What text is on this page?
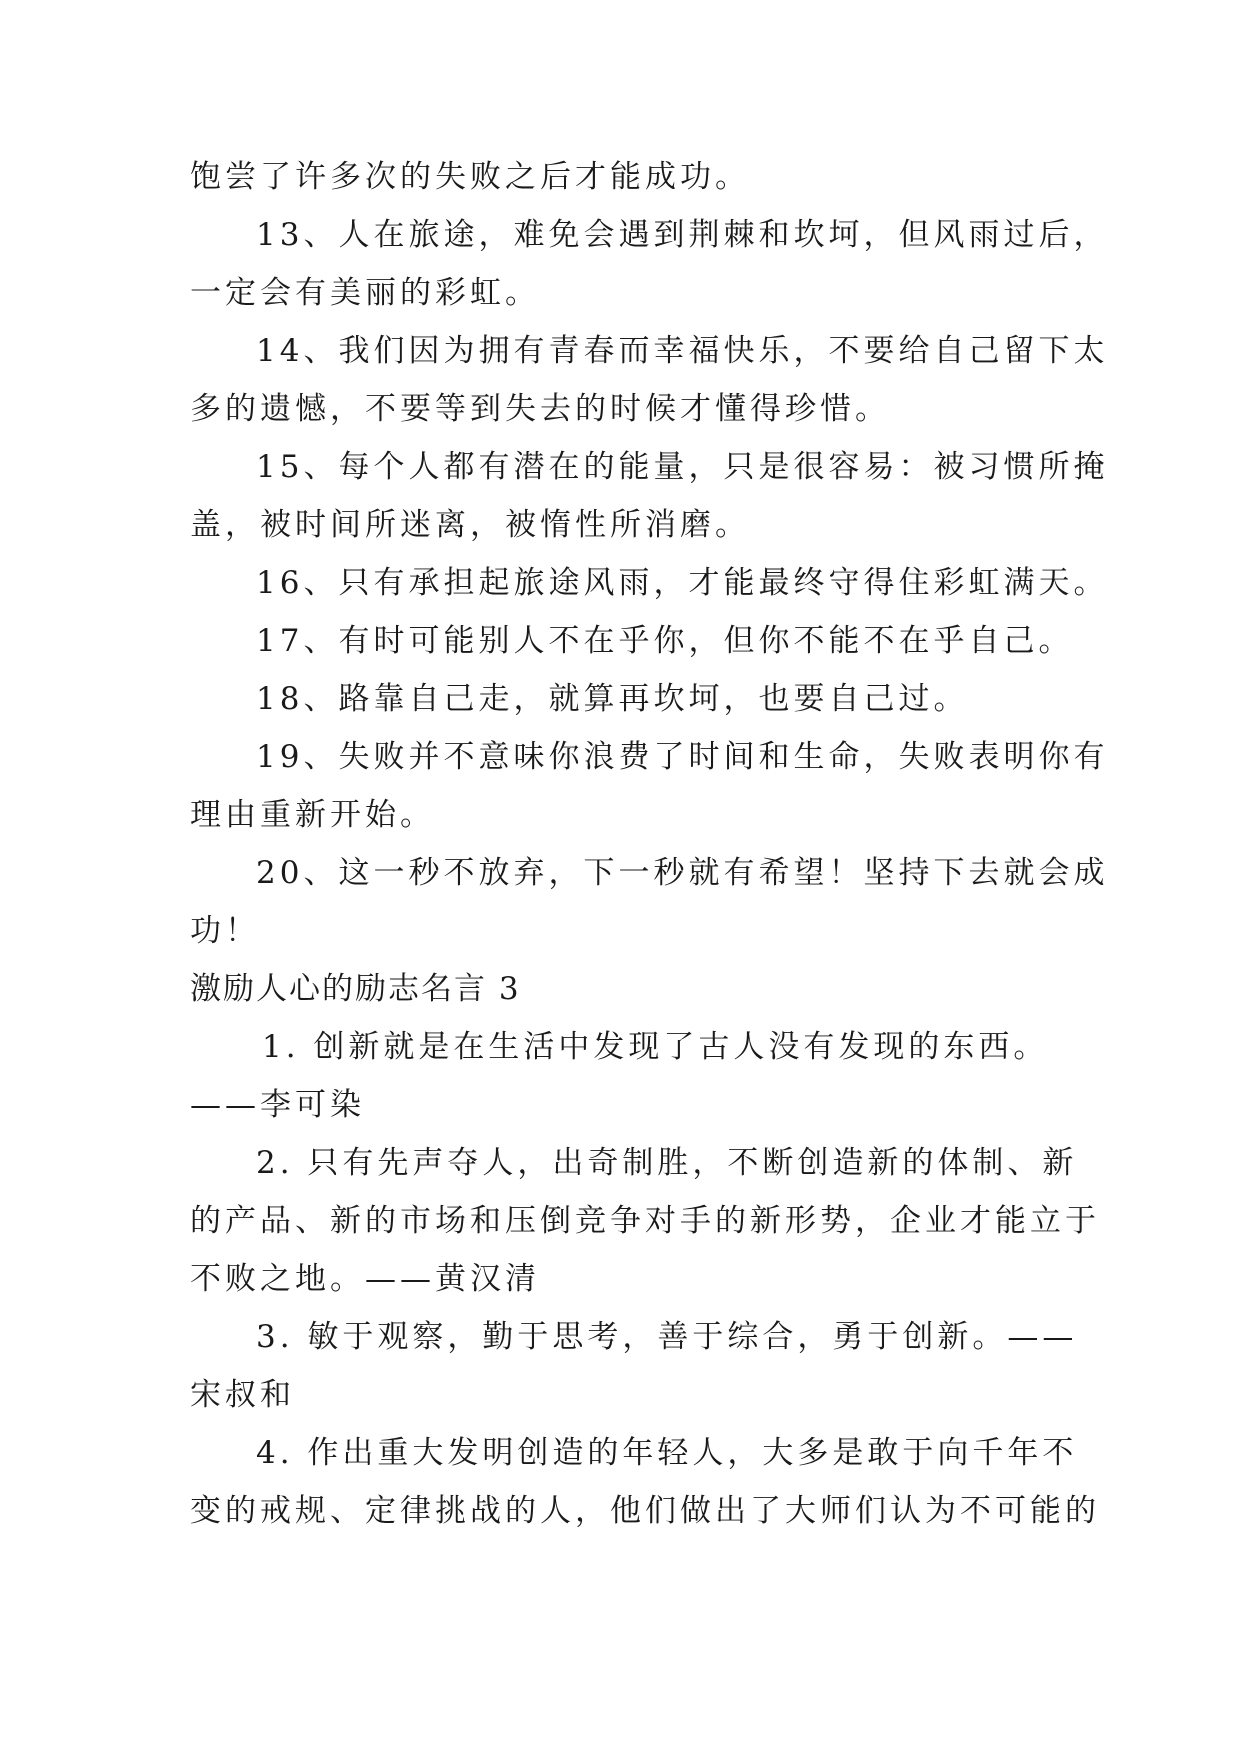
饱尝了许多次的失败之后才能成功。
13、人在旅途，难免会遇到荆棘和坎坷，但风雨过后，
一定会有美丽的彩虹。
14、我们因为拥有青春而幸福快乐，不要给自己留下太
多的遗憾，不要等到失去的时候才懂得珍惜。
15、每个人都有潜在的能量，只是很容易：被习惯所掩
盖，被时间所迷离，被惰性所消磨。
16、只有承担起旅途风雨，才能最终守得住彩虹满天。
17、有时可能别人不在乎你，但你不能不在乎自己。
18、路靠自己走，就算再坎坷，也要自己过。
19、失败并不意味你浪费了时间和生命，失败表明你有
理由重新开始。
20、这一秒不放弃，下一秒就有希望！坚持下去就会成
功！
激励人心的励志名言 3
1. 创新就是在生活中发现了古人没有发现的东西。
——李可染
2. 只有先声夺人，出奇制胜，不断创造新的体制、新
的产品、新的市场和压倒竞争对手的新形势，企业才能立于
不败之地。——黄汉清
3. 敏于观察，勤于思考，善于综合，勇于创新。——
宋叔和
4. 作出重大发明创造的年轻人，大多是敢于向千年不
变的戒规、定律挑战的人，他们做出了大师们认为不可能的
